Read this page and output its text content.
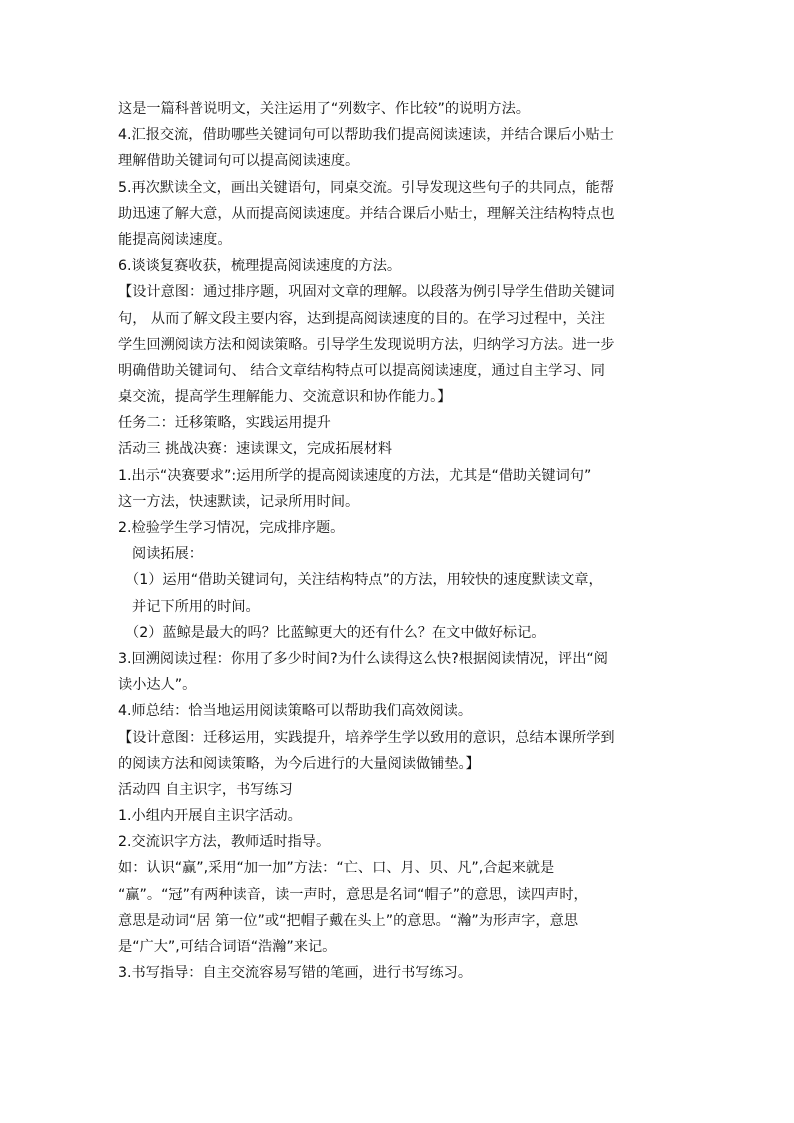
这是一篇科普说明文，关注运用了“列数字、作比较”的说明方法。
4.汇报交流，借助哪些关键词句可以帮助我们提高阅读速读，并结合课后小贴士
理解借助关键词句可以提高阅读速度。
5.再次默读全文，画出关键语句，同桌交流。引导发现这些句子的共同点，能帮
助迅速了解大意，从而提高阅读速度。并结合课后小贴士，理解关注结构特点也
能提高阅读速度。
6.谈谈复赛收获，梳理提高阅读速度的方法。
【设计意图：通过排序题，巩固对文章的理解。以段落为例引导学生借助关键词
句， 从而了解文段主要内容，达到提高阅读速度的目的。在学习过程中，关注
学生回溯阅读方法和阅读策略。引导学生发现说明方法，归纳学习方法。进一步
明确借助关键词句、 结合文章结构特点可以提高阅读速度，通过自主学习、同
桌交流，提高学生理解能力、交流意识和协作能力。】
任务二：迁移策略，实践运用提升
活动三 挑战决赛：速读课文，完成拓展材料
1.出示“决赛要求”:运用所学的提高阅读速度的方法，尤其是“借助关键词句”
这一方法，快速默读，记录所用时间。
2.检验学生学习情况，完成排序题。
阅读拓展：
（1）运用“借助关键词句，关注结构特点”的方法，用较快的速度默读文章，
并记下所用的时间。
（2）蓝鲸是最大的吗？比蓝鲸更大的还有什么？在文中做好标记。
3.回溯阅读过程：你用了多少时间?为什么读得这么快?根据阅读情况，评出“阅
读小达人”。
4.师总结：恰当地运用阅读策略可以帮助我们高效阅读。
【设计意图：迁移运用，实践提升，培养学生学以致用的意识，总结本课所学到
的阅读方法和阅读策略，为今后进行的大量阅读做铺垫。】
活动四 自主识字，书写练习
1.小组内开展自主识字活动。
2.交流识字方法，教师适时指导。
如：认识“赢”,采用“加一加”方法：“亡、口、月、贝、凡”,合起来就是
“赢”。“冠”有两种读音，读一声时，意思是名词“帽子”的意思，读四声时，
意思是动词“居 第一位”或“把帽子戴在头上”的意思。“瀚”为形声字，意思
是“广大”,可结合词语“浩瀚”来记。
3.书写指导：自主交流容易写错的笔画，进行书写练习。
